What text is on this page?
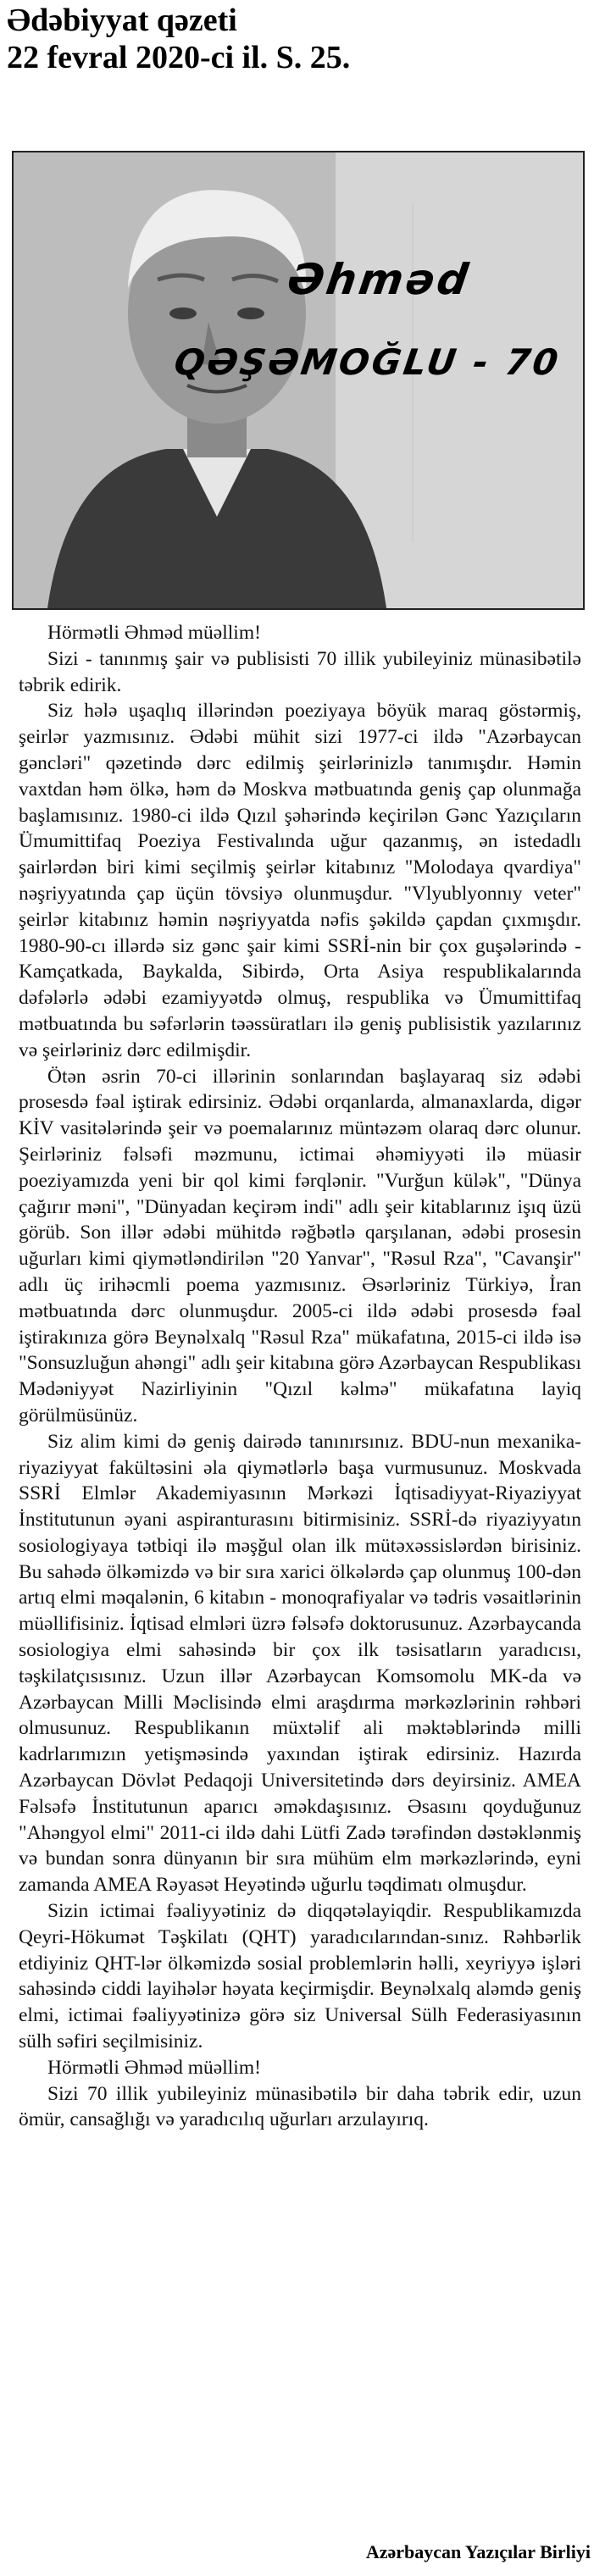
Ədəbiyyat qəzeti
22 fevral 2020-ci il. S. 25.
Əhməd
QƏŞƏMOĞLU - 70

Hörmətli Əhməd müəllim!

Sizi - tanınmış şair və publisisti 70 illik yubileyiniz münasibətilə təbrik edirik.

Siz hələ uşaqlıq illərindən poeziyaya böyük maraq göstərmiş, şeirlər yazmısınız. Ədəbi mühit sizi 1977-ci ildə "Azərbaycan gəncləri" qəzetində dərc edilmiş şeirlərinizlə tanımışdır. Həmin vaxtdan həm ölkə, həm də Moskva mətbuatında geniş çap olunmağa başlamısınız. 1980-ci ildə Qızıl şəhərində keçirilən Gənc Yazıçıların Ümumittifaq Poeziya Festivalında uğur qazanmış, ən istedadlı şairlərdən biri kimi seçilmiş şeirlər kitabınız "Molodaya qvardiya" nəşriyyatında çap üçün tövsiyə olunmuşdur. "Vlyublyonnıy veter" şeirlər kitabınız həmin nəşriyyatda nəfis şəkildə çapdan çıxmışdır. 1980-90-cı illərdə siz gənc şair kimi SSRİ-nin bir çox guşələrində - Kamçatkada, Baykalda, Sibirdə, Orta Asiya respublikalarında dəfələrlə ədəbi ezamiyyətdə olmuş, respublika və Ümumittifaq mətbuatında bu səfərlərin təəssüratları ilə geniş publisistik yazılarınız və şeirləriniz dərc edilmişdir.

Ötən əsrin 70-ci illərinin sonlarından başlayaraq siz ədəbi prosesdə fəal iştirak edirsiniz. Ədəbi orqanlarda, almanaxlarda, digər KİV vasitələrində şeir və poemalarınız müntəzəm olaraq dərc olunur. Şeirləriniz fəlsəfi məzmunu, ictimai əhəmiyyəti ilə müasir poeziyamızda yeni bir qol kimi fərqlənir. "Vurğun külək", "Dünya çağırır məni", "Dünyadan keçirəm indi" adlı şeir kitablarınız işıq üzü görüb. Son illər ədəbi mühitdə rəğbətlə qarşılanan, ədəbi prosesin uğurları kimi qiymətləndirilən "20 Yanvar", "Rəsul Rza", "Cavanşir" adlı üç irihəcmli poema yazmısınız. Əsərləriniz Türkiyə, İran mətbuatında dərc olunmuşdur. 2005-ci ildə ədəbi prosesdə fəal iştirakınıza görə Beynəlxalq "Rəsul Rza" mükafatına, 2015-ci ildə isə "Sonsuzluğun ahəngi" adlı şeir kitabına görə Azərbaycan Respublikası Mədəniyyət Nazirliyinin "Qızıl kəlmə" mükafatına layiq görülmüsünüz.

Siz alim kimi də geniş dairədə tanınırsınız. BDU-nun mexanika-riyaziyyat fakültəsini əla qiymətlərlə başa vurmusunuz. Moskvada SSRİ Elmlər Akademiyasının Mərkəzi İqtisadiyyat-Riyaziyyat İnstitutunun əyani aspiranturasını bitirmisiniz. SSRİ-də riyaziyyatın sosiologiyaya tətbiqi ilə məşğul olan ilk mütəxəssislərdən birisiniz. Bu sahədə ölkəmizdə və bir sıra xarici ölkələrdə çap olunmuş 100-dən artıq elmi məqalənin, 6 kitabın - monoqrafiyalar və tədris vəsaitlərinin müəllifisiniz. İqtisad elmləri üzrə fəlsəfə doktorusunuz. Azərbaycanda sosiologiya elmi sahəsində bir çox ilk təsisatların yaradıcısı, təşkilatçısısınız. Uzun illər Azərbaycan Komsomolu MK-da və Azərbaycan Milli Məclisində elmi araşdırma mərkəzlərinin rəhbəri olmusunuz. Respublikanın müxtəlif ali məktəblərində milli kadrlarımızın yetişməsində yaxından iştirak edirsiniz. Hazırda Azərbaycan Dövlət Pedaqoji Universitetində dərs deyirsiniz. AMEA Fəlsəfə İnstitutunun aparıcı əməkdaşısınız. Əsasını qoyduğunuz "Ahəngyol elmi" 2011-ci ildə dahi Lütfi Zadə tərəfindən dəstəklənmiş və bundan sonra dünyanın bir sıra mühüm elm mərkəzlərində, eyni zamanda AMEA Rəyasət Heyətində uğurlu təqdimatı olmuşdur.

Sizin ictimai fəaliyyətiniz də diqqətəlayiqdir. Respublikamızda Qeyri-Hökumət Təşkilatı (QHT) yaradıcılarından-sınız. Rəhbərlik etdiyiniz QHT-lər ölkəmizdə sosial problemlərin həlli, xeyriyyə işləri sahəsində ciddi layihələr həyata keçirmişdir. Beynəlxalq aləmdə geniş elmi, ictimai fəaliyyətinizə görə siz Universal Sülh Federasiyasının sülh səfiri seçilmisiniz.

Hörmətli Əhməd müəllim!

Sizi 70 illik yubileyiniz münasibətilə bir daha təbrik edir, uzun ömür, cansağlığı və yaradıcılıq uğurları arzulayırıq.

Azərbaycan Yazıçılar Birliyi
